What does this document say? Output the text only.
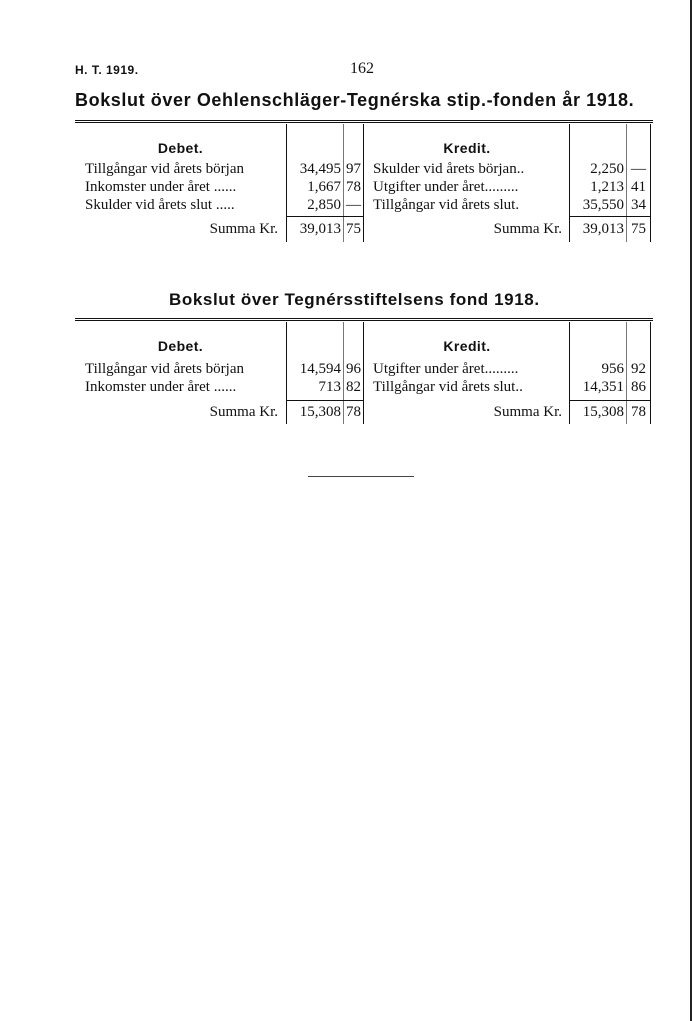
H. T. 1919.	162
Bokslut över Oehlenschläger-Tegnérska stip.-fonden år 1918.
Debet.	Kredit.
Tillgångar vid årets början	34,495 97 Skulder vid årets början..	2,250 —
Inkomster under året ......	1,667 78 Utgifter under året.........	1,213 41
Skulder vid årets slut .....	2,850 — Tillgångar vid årets slut.	35,550 34
Summa Kr.	39,013 75	Summa Kr.	39,013 75
Bokslut över Tegnérsstiftelsens fond 1918.
Debet.	Kredit.
Tillgångar vid årets början	14,594 96 Utgifter under året.........	956 92
Inkomster under året ......	713 82 Tillgångar vid årets slut..	14,351 86
Summa Kr.	15,308 78	Summa Kr.	15,308 78
